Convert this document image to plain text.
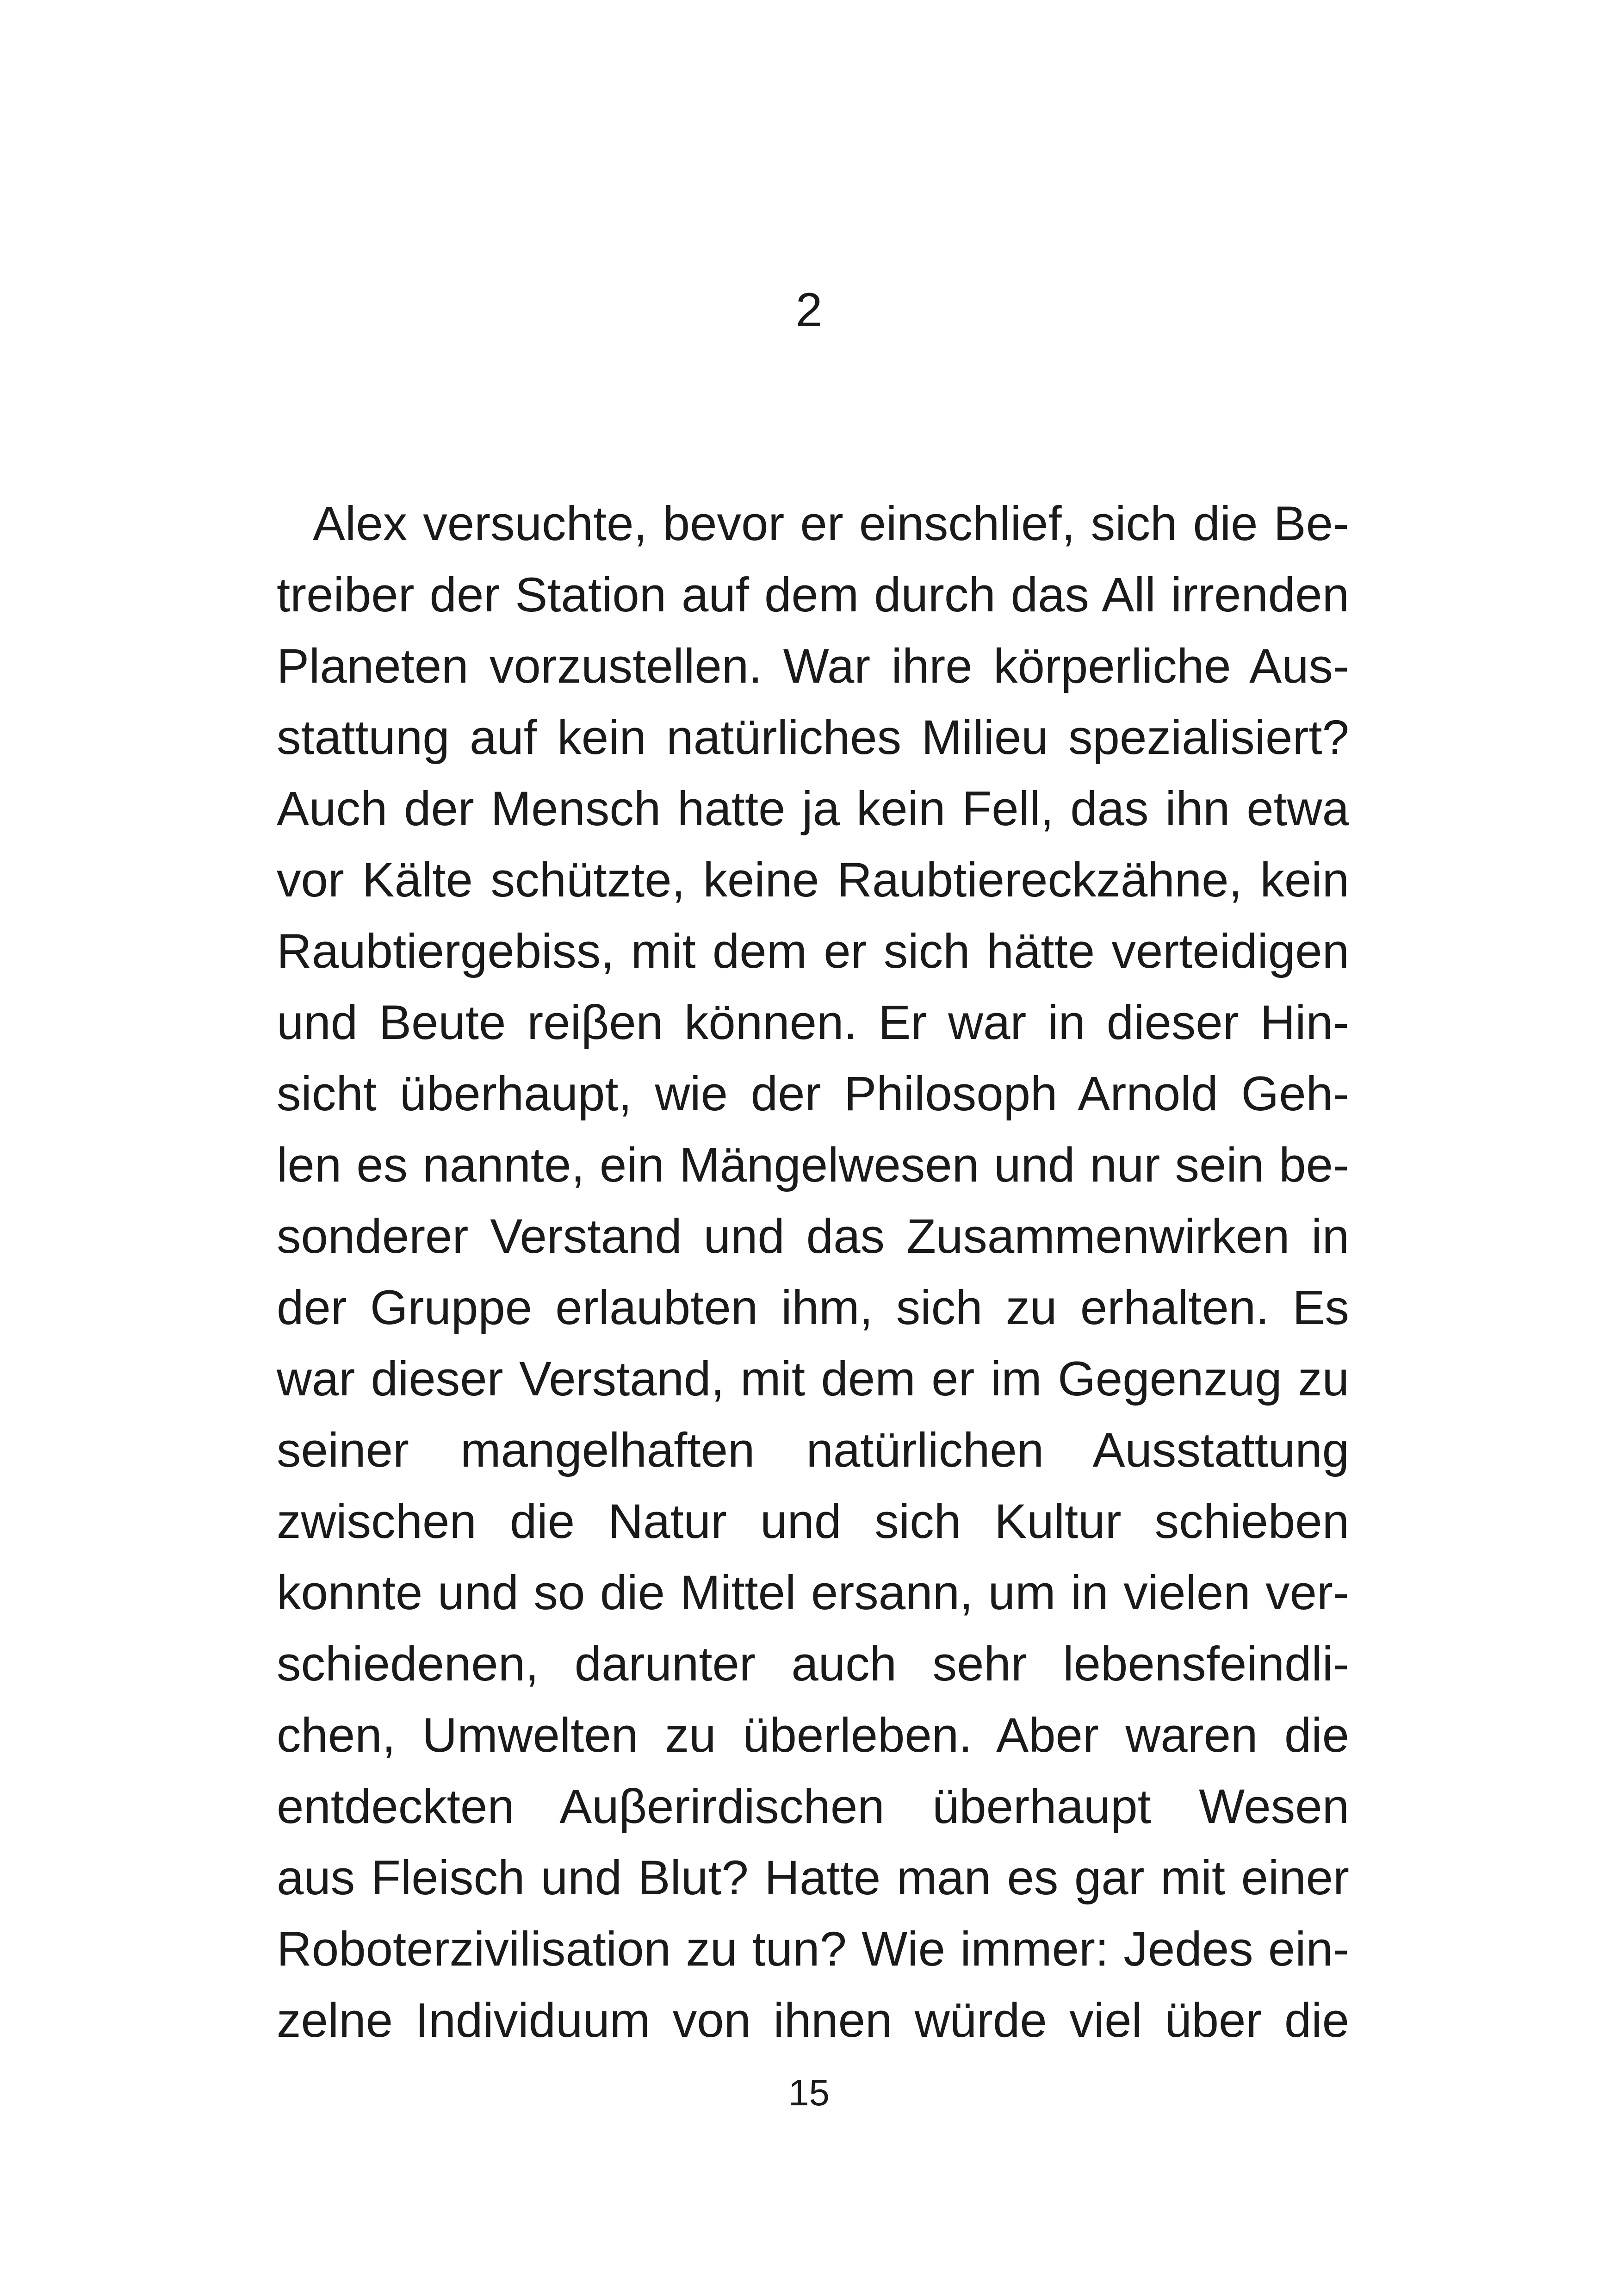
2
Alex versuchte, bevor er einschlief, sich die Be-
treiber der Station auf dem durch das All irrenden
Planeten vorzustellen. War ihre körperliche Aus-
stattung auf kein natürliches Milieu spezialisiert?
Auch der Mensch hatte ja kein Fell, das ihn etwa
vor Kälte schützte, keine Raubtiereckzähne, kein
Raubtiergebiss, mit dem er sich hätte verteidigen
und Beute reiβen können. Er war in dieser Hin-
sicht überhaupt, wie der Philosoph Arnold Geh-
len es nannte, ein Mängelwesen und nur sein be-
sonderer Verstand und das Zusammenwirken in
der Gruppe erlaubten ihm, sich zu erhalten. Es
war dieser Verstand, mit dem er im Gegenzug zu
seiner mangelhaften natürlichen Ausstattung
zwischen die Natur und sich Kultur schieben
konnte und so die Mittel ersann, um in vielen ver-
schiedenen, darunter auch sehr lebensfeindli-
chen, Umwelten zu überleben. Aber waren die
entdeckten Auβerirdischen überhaupt Wesen
aus Fleisch und Blut? Hatte man es gar mit einer
Roboterzivilisation zu tun? Wie immer: Jedes ein-
zelne Individuum von ihnen würde viel über die
15
